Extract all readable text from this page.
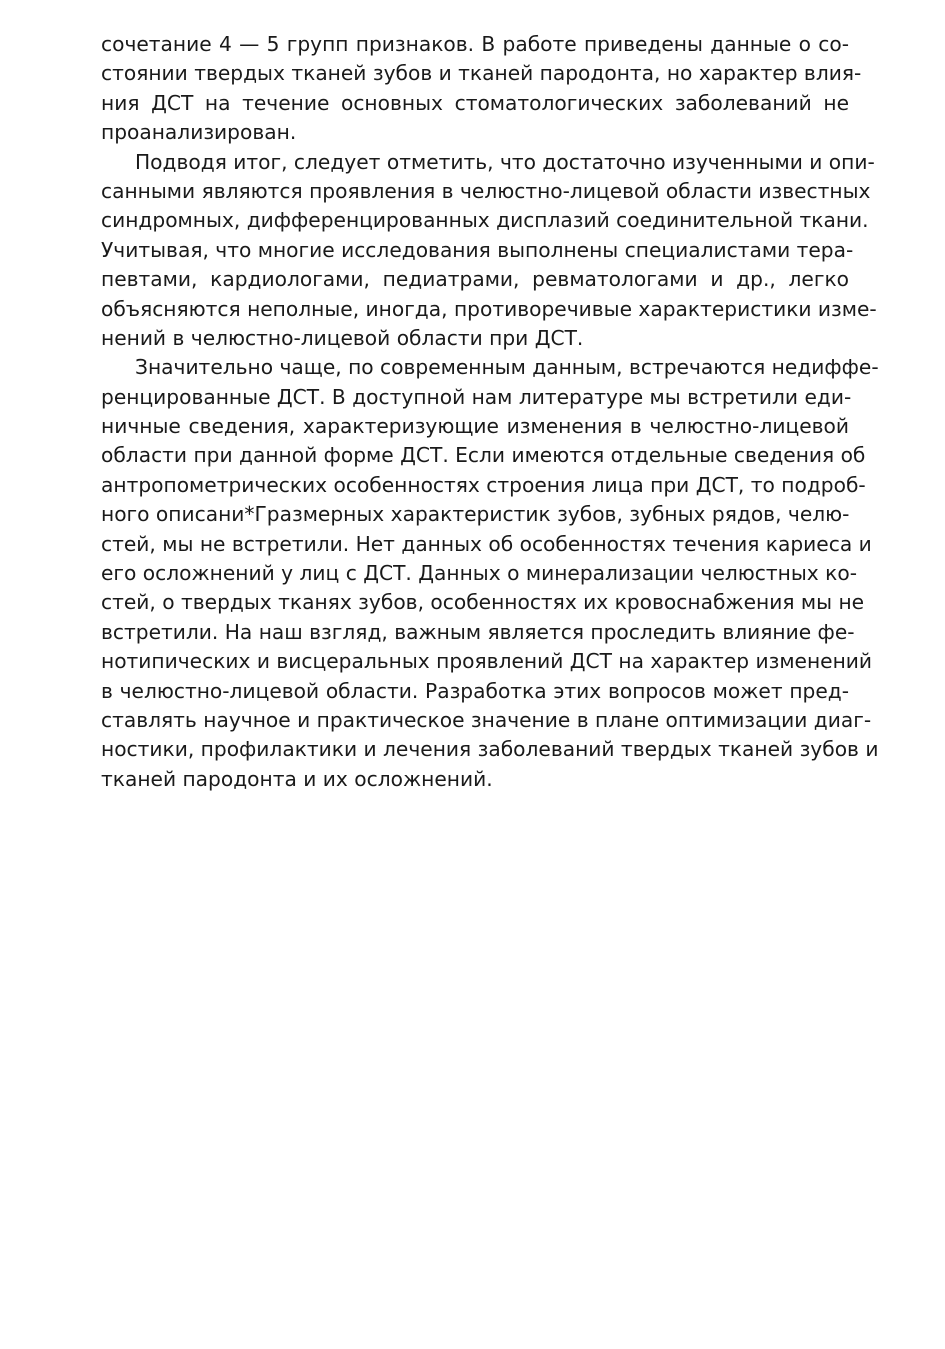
сочетание 4 — 5 групп признаков. В работе приведены данные о со-
стоянии твердых тканей зубов и тканей пародонта, но характер влия-
ния ДСТ на течение основных стоматологических заболеваний не
проанализирован.
Подводя итог, следует отметить, что достаточно изученными и опи-
санными являются проявления в челюстно-лицевой области известных
синдромных, дифференцированных дисплазий соединительной ткани.
Учитывая, что многие исследования выполнены специалистами тера-
певтами, кардиологами, педиатрами, ревматологами и др., легко
объясняются неполные, иногда, противоречивые характеристики изме-
нений в челюстно-лицевой области при ДСТ.
Значительно чаще, по современным данным, встречаются недиффе-
ренцированные ДСТ. В доступной нам литературе мы встретили еди-
ничные сведения, характеризующие изменения в челюстно-лицевой
области при данной форме ДСТ. Если имеются отдельные сведения об
антропометрических особенностях строения лица при ДСТ, то подроб-
ного описани*Гразмерных характеристик зубов, зубных рядов, челю-
стей, мы не встретили. Нет данных об особенностях течения кариеса и
его осложнений у лиц с ДСТ. Данных о минерализации челюстных ко-
стей, о твердых тканях зубов, особенностях их кровоснабжения мы не
встретили. На наш взгляд, важным является проследить влияние фе-
нотипических и висцеральных проявлений ДСТ на характер изменений
в челюстно-лицевой области. Разработка этих вопросов может пред-
ставлять научное и практическое значение в плане оптимизации диаг-
ностики, профилактики и лечения заболеваний твердых тканей зубов и
тканей пародонта и их осложнений.
